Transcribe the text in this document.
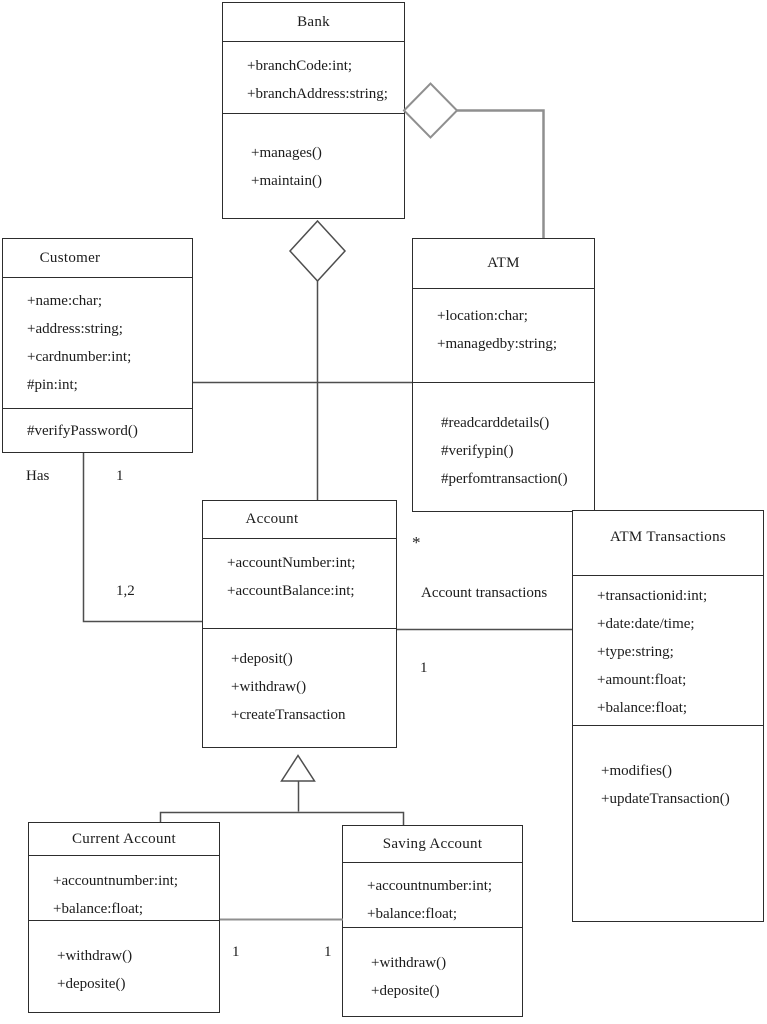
Bank
+branchCode:int;
+branchAddress:string;
+manages()
+maintain()
Customer
+name:char;
+address:string;
+cardnumber:int;
#pin:int;
#verifyPassword()
ATM
+location:char;
+managedby:string;
#readcarddetails()
#verifypin()
#perfomtransaction()
Account
+accountNumber:int;
+accountBalance:int;
+deposit()
+withdraw()
+createTransaction
ATM Transactions
+transactionid:int;
+date:date/time;
+type:string;
+amount:float;
+balance:float;
+modifies()
+updateTransaction()
Current Account
+accountnumber:int;
+balance:float;
+withdraw()
+deposite()
Saving Account
+accountnumber:int;
+balance:float;
+withdraw()
+deposite()
Has	1
1,2
*
Account transactions
1
1	1
